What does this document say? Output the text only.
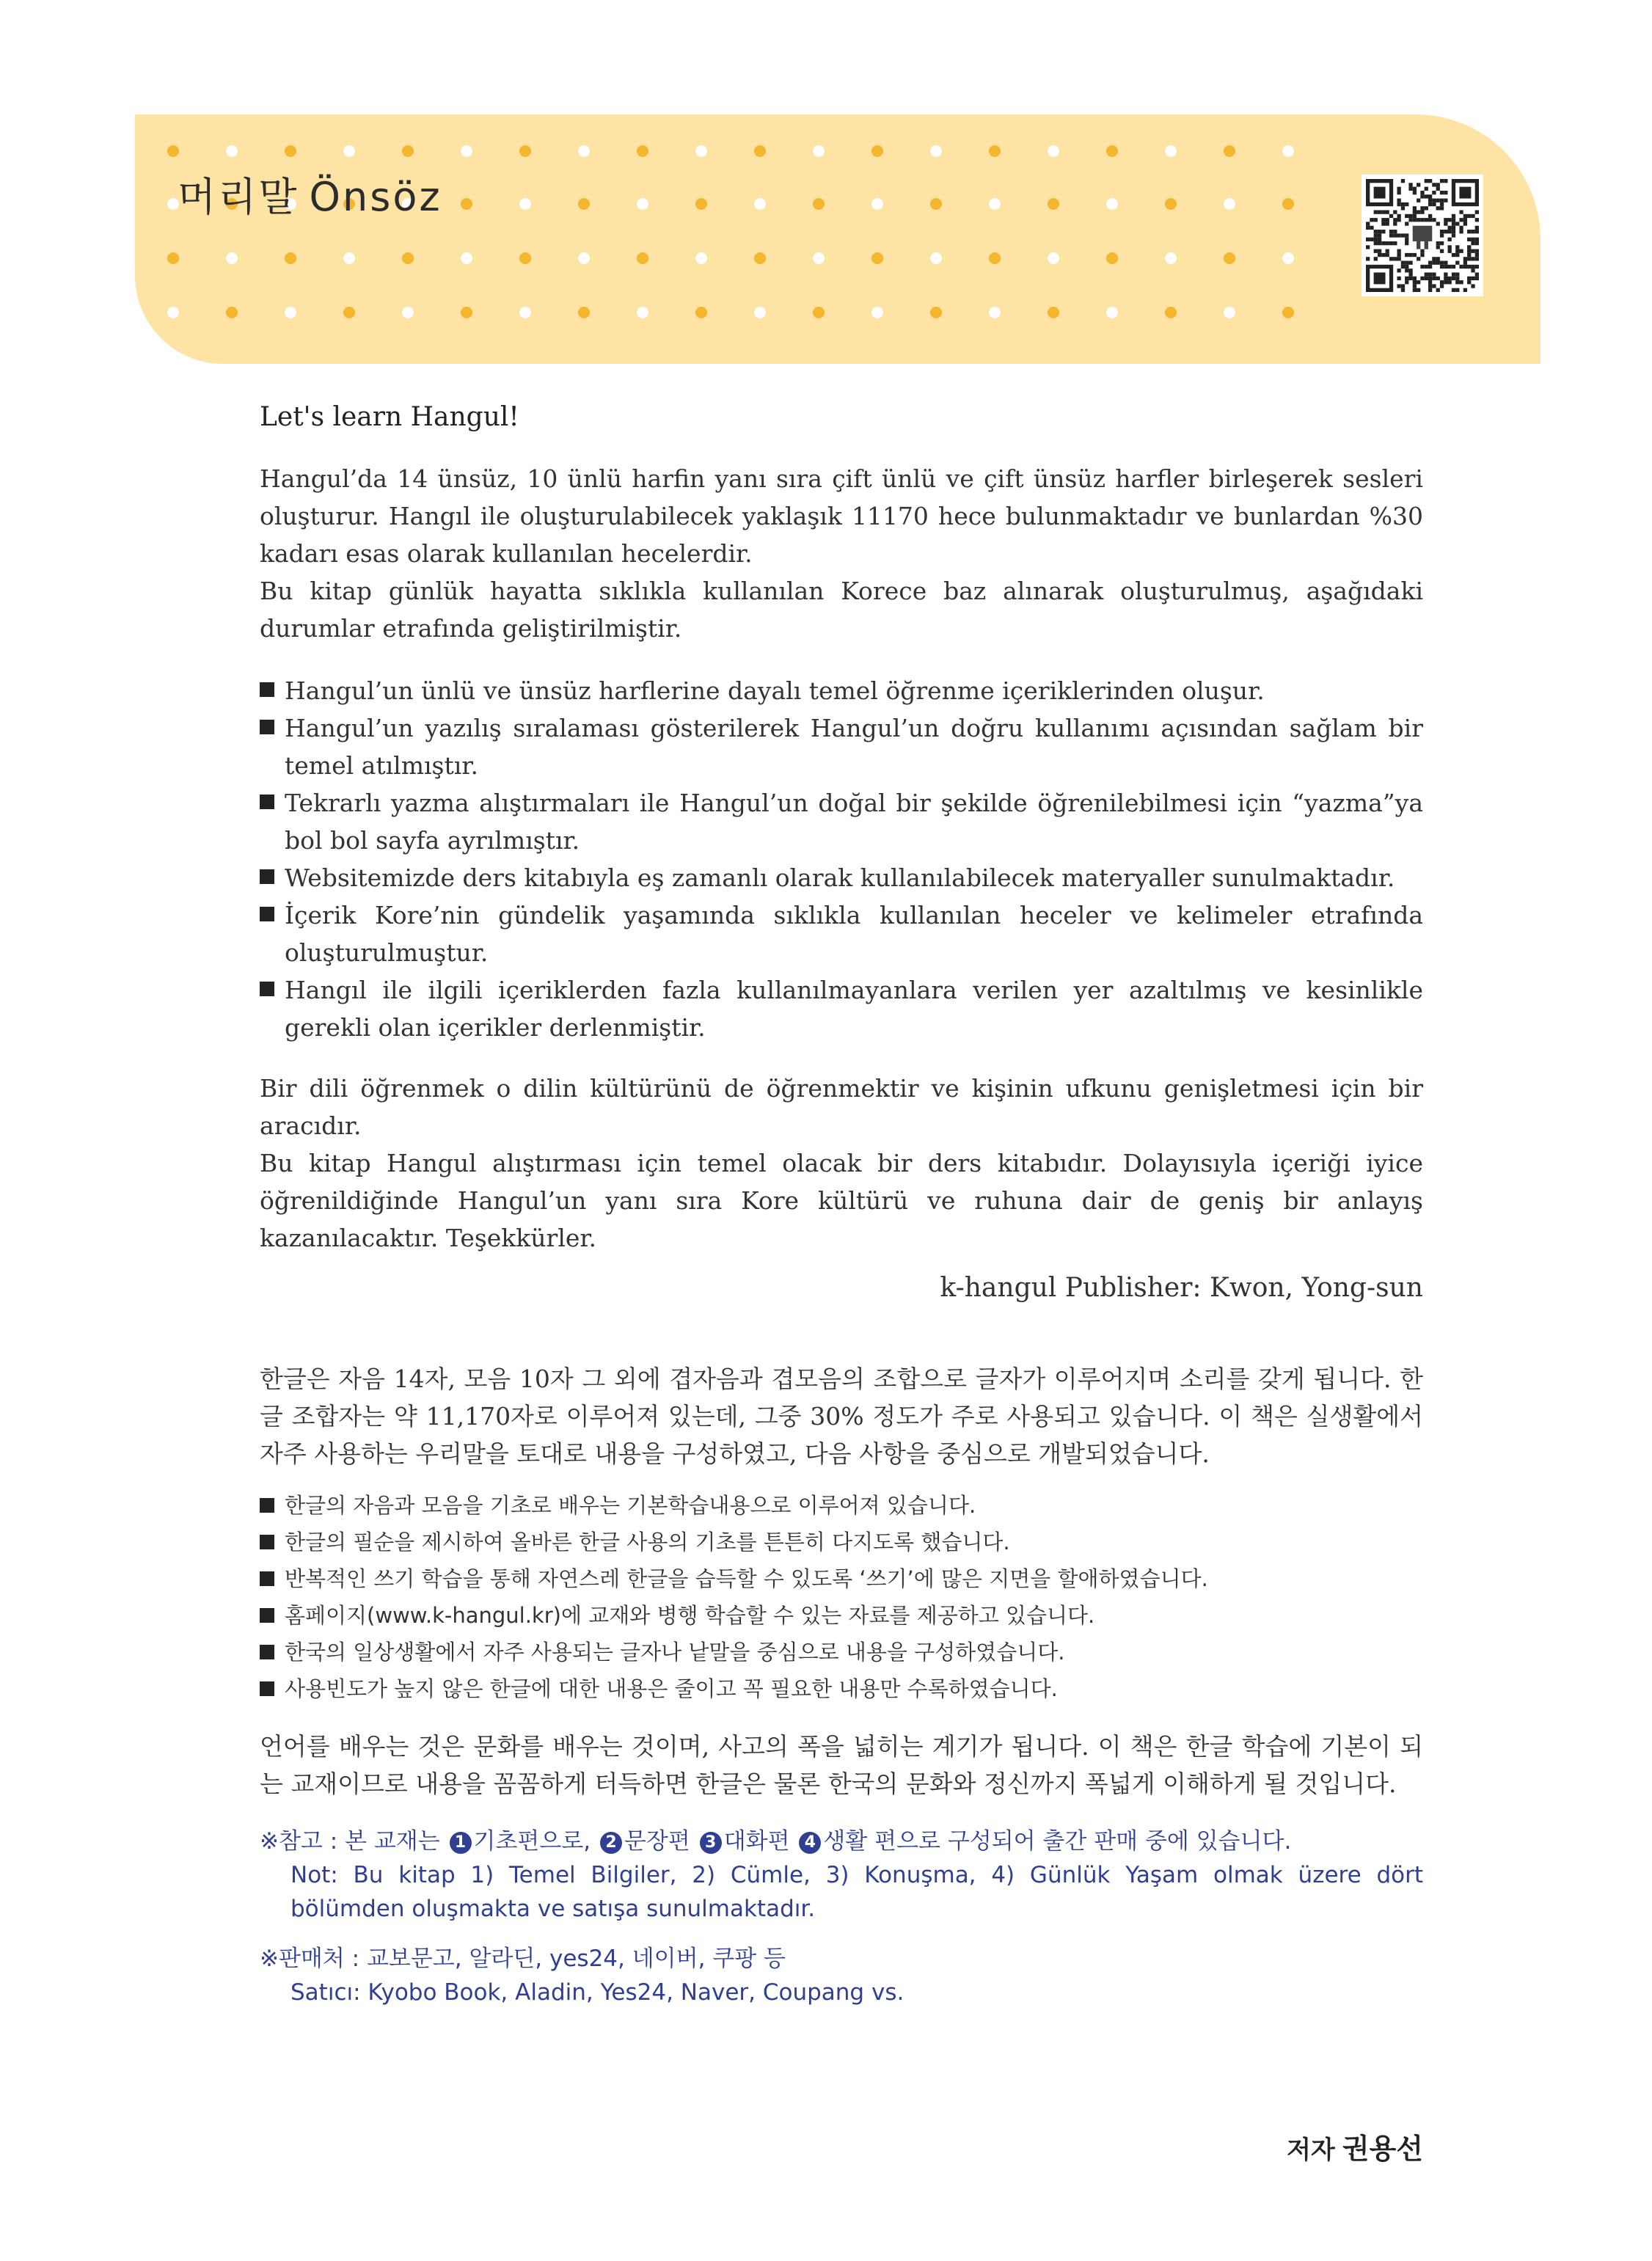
머리말 Önsöz
Let's learn Hangul!

Hangul’da 14 ünsüz, 10 ünlü harfin yanı sıra çift ünlü ve çift ünsüz harfler birleşerek sesleri oluşturur. Hangıl ile oluşturulabilecek yaklaşık 11170 hece bulunmaktadır ve bunlardan %30 kadarı esas olarak kullanılan hecelerdir.

Bu kitap günlük hayatta sıklıkla kullanılan Korece baz alınarak oluşturulmuş, aşağıdaki durumlar etrafında geliştirilmiştir.

Hangul’un ünlü ve ünsüz harflerine dayalı temel öğrenme içeriklerinden oluşur.
Hangul’un yazılış sıralaması gösterilerek Hangul’un doğru kullanımı açısından sağlam bir temel atılmıştır.
Tekrarlı yazma alıştırmaları ile Hangul’un doğal bir şekilde öğrenilebilmesi için “yazma”ya bol bol sayfa ayrılmıştır.
Websitemizde ders kitabıyla eş zamanlı olarak kullanılabilecek materyaller sunulmaktadır.
İçerik Kore’nin gündelik yaşamında sıklıkla kullanılan heceler ve kelimeler etrafında oluşturulmuştur.
Hangıl ile ilgili içeriklerden fazla kullanılmayanlara verilen yer azaltılmış ve kesinlikle gerekli olan içerikler derlenmiştir.

Bir dili öğrenmek o dilin kültürünü de öğrenmektir ve kişinin ufkunu genişletmesi için bir aracıdır.

Bu kitap Hangul alıştırması için temel olacak bir ders kitabıdır. Dolayısıyla içeriği iyice öğrenildiğinde Hangul’un yanı sıra Kore kültürü ve ruhuna dair de geniş bir anlayış kazanılacaktır. Teşekkürler.

k-hangul Publisher: Kwon, Yong-sun

한글은 자음 14자, 모음 10자 그 외에 겹자음과 겹모음의 조합으로 글자가 이루어지며 소리를 갖게 됩니다. 한글 조합자는 약 11,170자로 이루어져 있는데, 그중 30% 정도가 주로 사용되고 있습니다. 이 책은 실생활에서 자주 사용하는 우리말을 토대로 내용을 구성하였고, 다음 사항을 중심으로 개발되었습니다.

한글의 자음과 모음을 기초로 배우는 기본학습내용으로 이루어져 있습니다.
한글의 필순을 제시하여 올바른 한글 사용의 기초를 튼튼히 다지도록 했습니다.
반복적인 쓰기 학습을 통해 자연스레 한글을 습득할 수 있도록 ‘쓰기’에 많은 지면을 할애하였습니다.
홈페이지(www.k-hangul.kr)에 교재와 병행 학습할 수 있는 자료를 제공하고 있습니다.
한국의 일상생활에서 자주 사용되는 글자나 낱말을 중심으로 내용을 구성하였습니다.
사용빈도가 높지 않은 한글에 대한 내용은 줄이고 꼭 필요한 내용만 수록하였습니다.

언어를 배우는 것은 문화를 배우는 것이며, 사고의 폭을 넓히는 계기가 됩니다. 이 책은 한글 학습에 기본이 되는 교재이므로 내용을 꼼꼼하게 터득하면 한글은 물론 한국의 문화와 정신까지 폭넓게 이해하게 될 것입니다.

※참고 : 본 교재는 1 기초편으로, 2 문장편 3 대화편 4 생활 편으로 구성되어 출간 판매 중에 있습니다.
Not: Bu kitap 1) Temel Bilgiler, 2) Cümle, 3) Konuşma, 4) Günlük Yaşam olmak üzere dört bölümden oluşmakta ve satışa sunulmaktadır.
※판매처 : 교보문고, 알라딘, yes24, 네이버, 쿠팡 등
Satıcı: Kyobo Book, Aladin, Yes24, Naver, Coupang vs.
저자 권용선
